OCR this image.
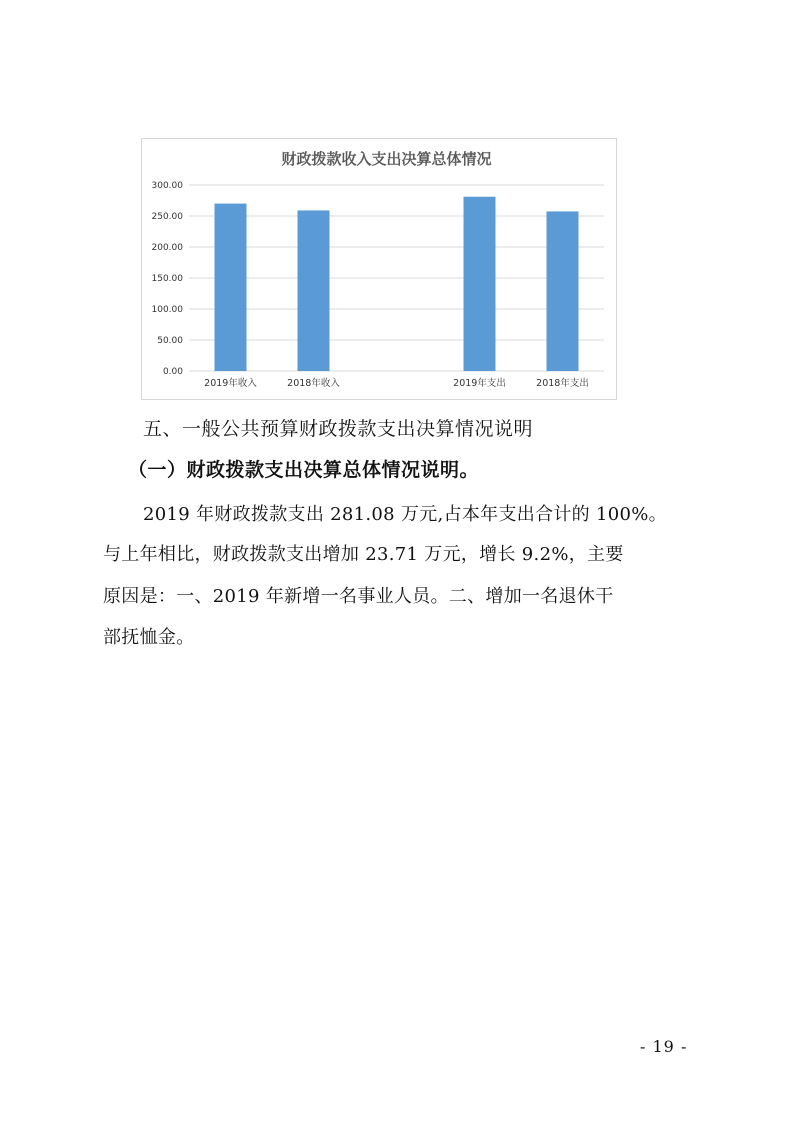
财政拨款收入支出决算总体情况
0.00
50.00
100.00
150.00
200.00
250.00
300.00
2019年收入	2018年收入	2019年支出	2018年支出
五、一般公共预算财政拨款支出决算情况说明
（一）财政拨款支出决算总体情况说明。
2019 年财政拨款支出 281.08 万元,占本年支出合计的 100%。
与上年相比，财政拨款支出增加 23.71 万元，增长 9.2%，主要
原因是：一、2019 年新增一名事业人员。二、增加一名退休干
部抚恤金。
- 19 -
